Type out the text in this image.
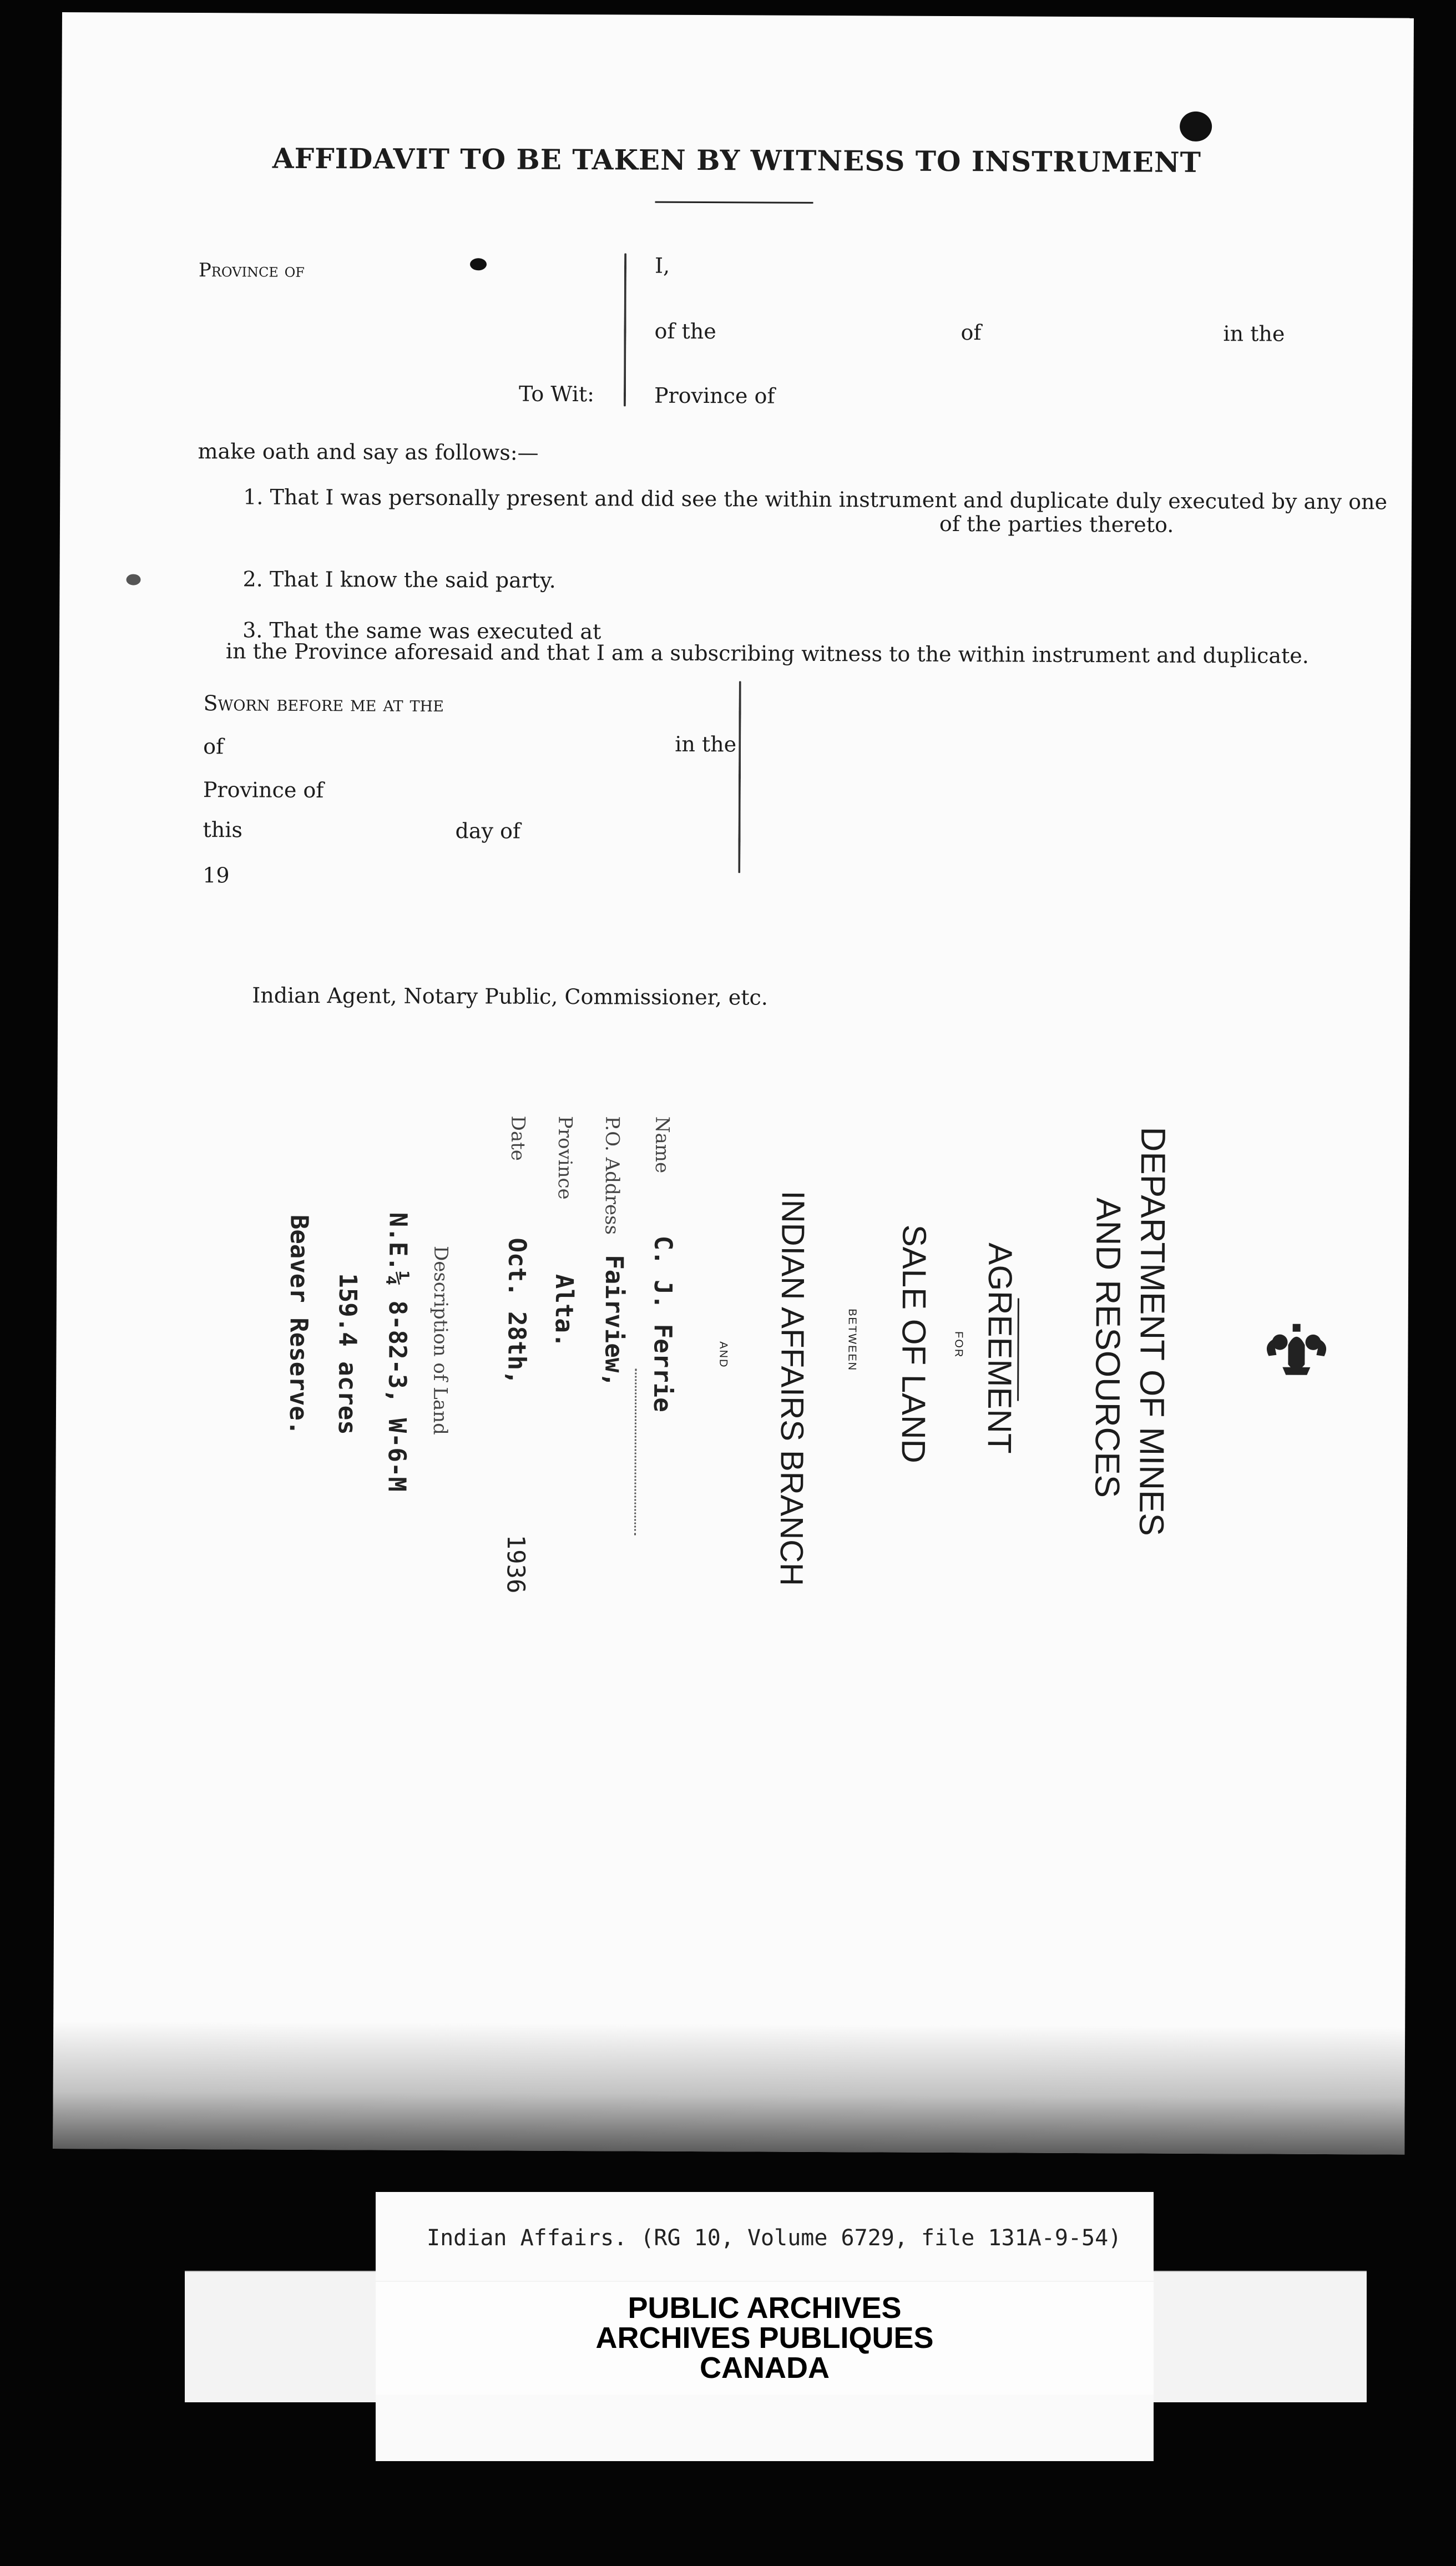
AFFIDAVIT TO BE TAKEN BY WITNESS TO INSTRUMENT
Province of
To Wit:
I,
of the	of	in the
Province of
make oath and say as follows:—
1. That I was personally present and did see the within instrument and duplicate duly executed by any one
of the parties thereto.
2. That I know the said party.
3. That the same was executed at
in the Province aforesaid and that I am a subscribing witness to the within instrument and duplicate.
Sworn before me at the
of	in the
Province of
this	day of
19
Indian Agent, Notary Public, Commissioner, etc.
DEPARTMENT OF MINES
AND RESOURCES
AGREEMENT
FOR
SALE OF LAND
BETWEEN
INDIAN AFFAIRS BRANCH
AND
Name
C. J. Ferrie
P.O. Address
Fairview,
Province
Alta.
Date
Oct. 28th,
1936
Description of Land
N.E.¼ 8-82-3, W-6-M
159.4 acres
Beaver Reserve.
Indian Affairs. (RG 10, Volume 6729, file 131A-9-54)
PUBLIC ARCHIVES
ARCHIVES PUBLIQUES
CANADA
